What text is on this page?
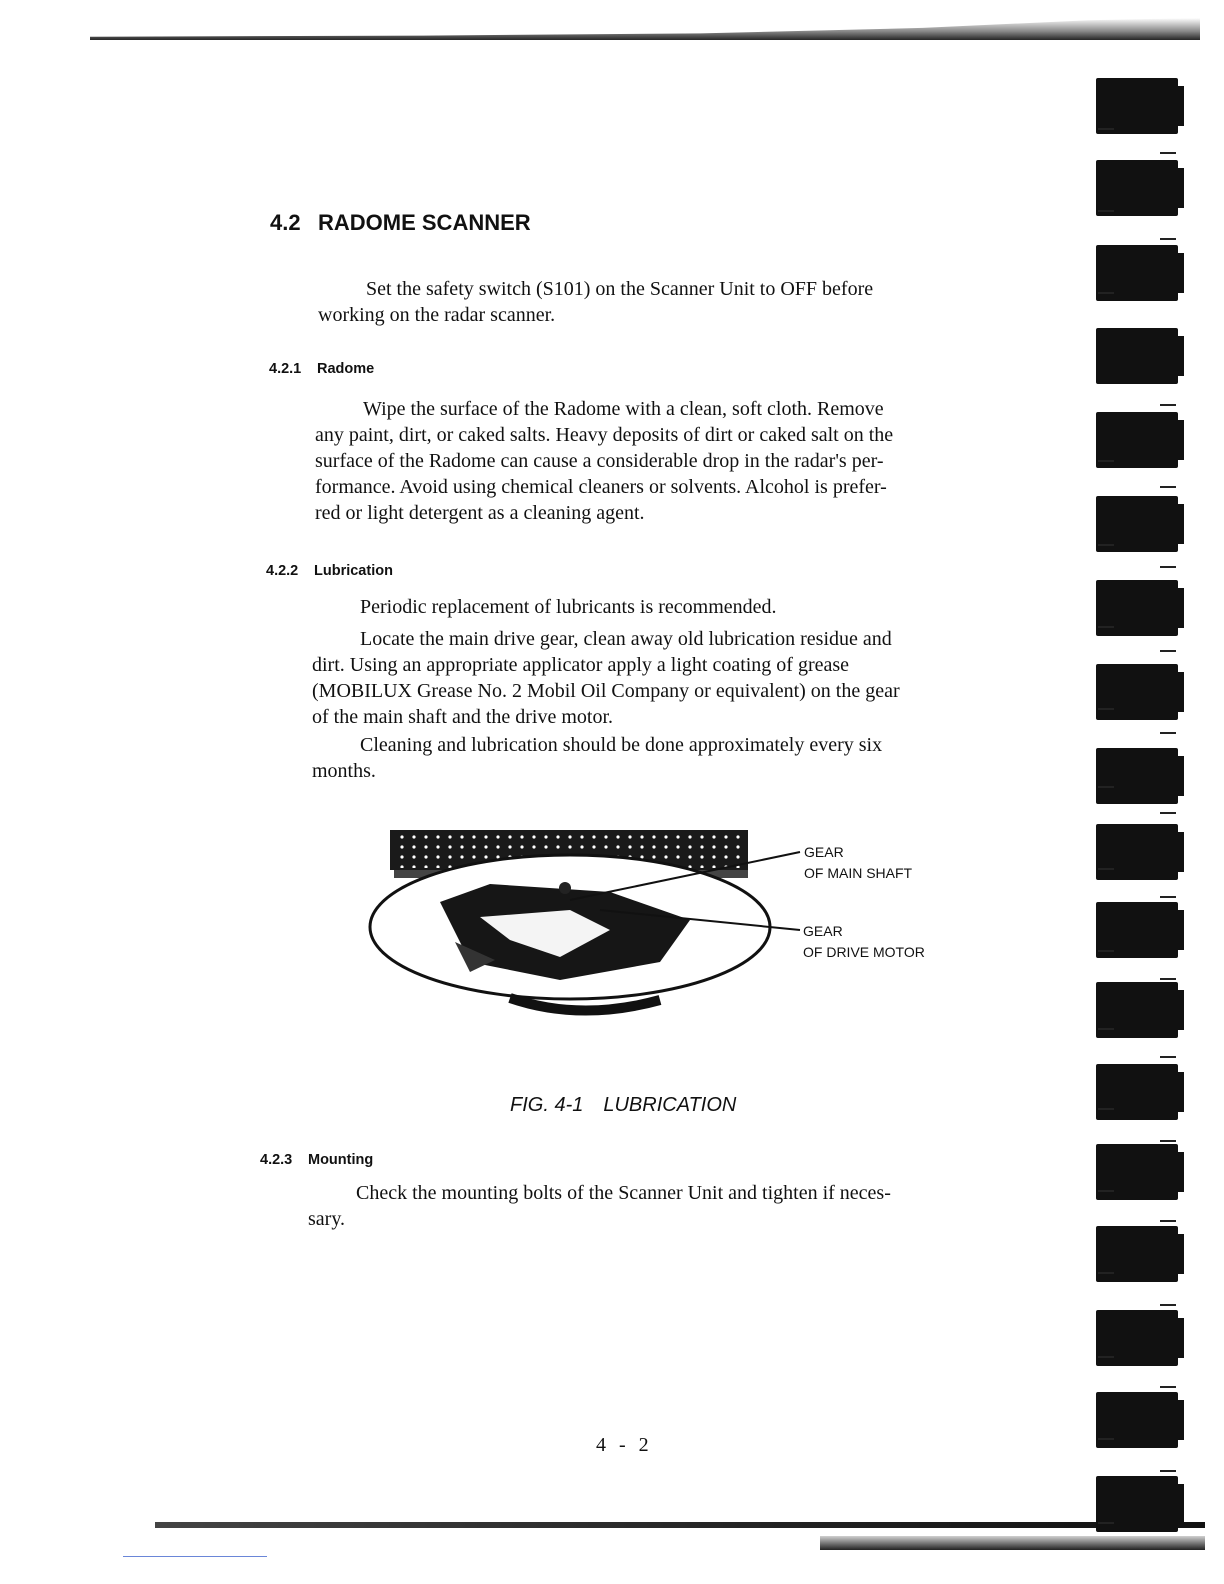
4.2 RADOME SCANNER
Set the safety switch (S101) on the Scanner Unit to OFF before
working on the radar scanner.
4.2.1 Radome
Wipe the surface of the Radome with a clean, soft cloth. Remove
any paint, dirt, or caked salts. Heavy deposits of dirt or caked salt on the
surface of the Radome can cause a considerable drop in the radar's per-
formance. Avoid using chemical cleaners or solvents. Alcohol is prefer-
red or light detergent as a cleaning agent.
4.2.2 Lubrication
Periodic replacement of lubricants is recommended.
Locate the main drive gear, clean away old lubrication residue and
dirt. Using an appropriate applicator apply a light coating of grease
(MOBILUX Grease No. 2 Mobil Oil Company or equivalent) on the gear
of the main shaft and the drive motor.
Cleaning and lubrication should be done approximately every six
months.
GEAR
OF MAIN SHAFT
GEAR
OF DRIVE MOTOR
FIG. 4-1 LUBRICATION
4.2.3 Mounting
Check the mounting bolts of the Scanner Unit and tighten if neces-
sary.
4 - 2
